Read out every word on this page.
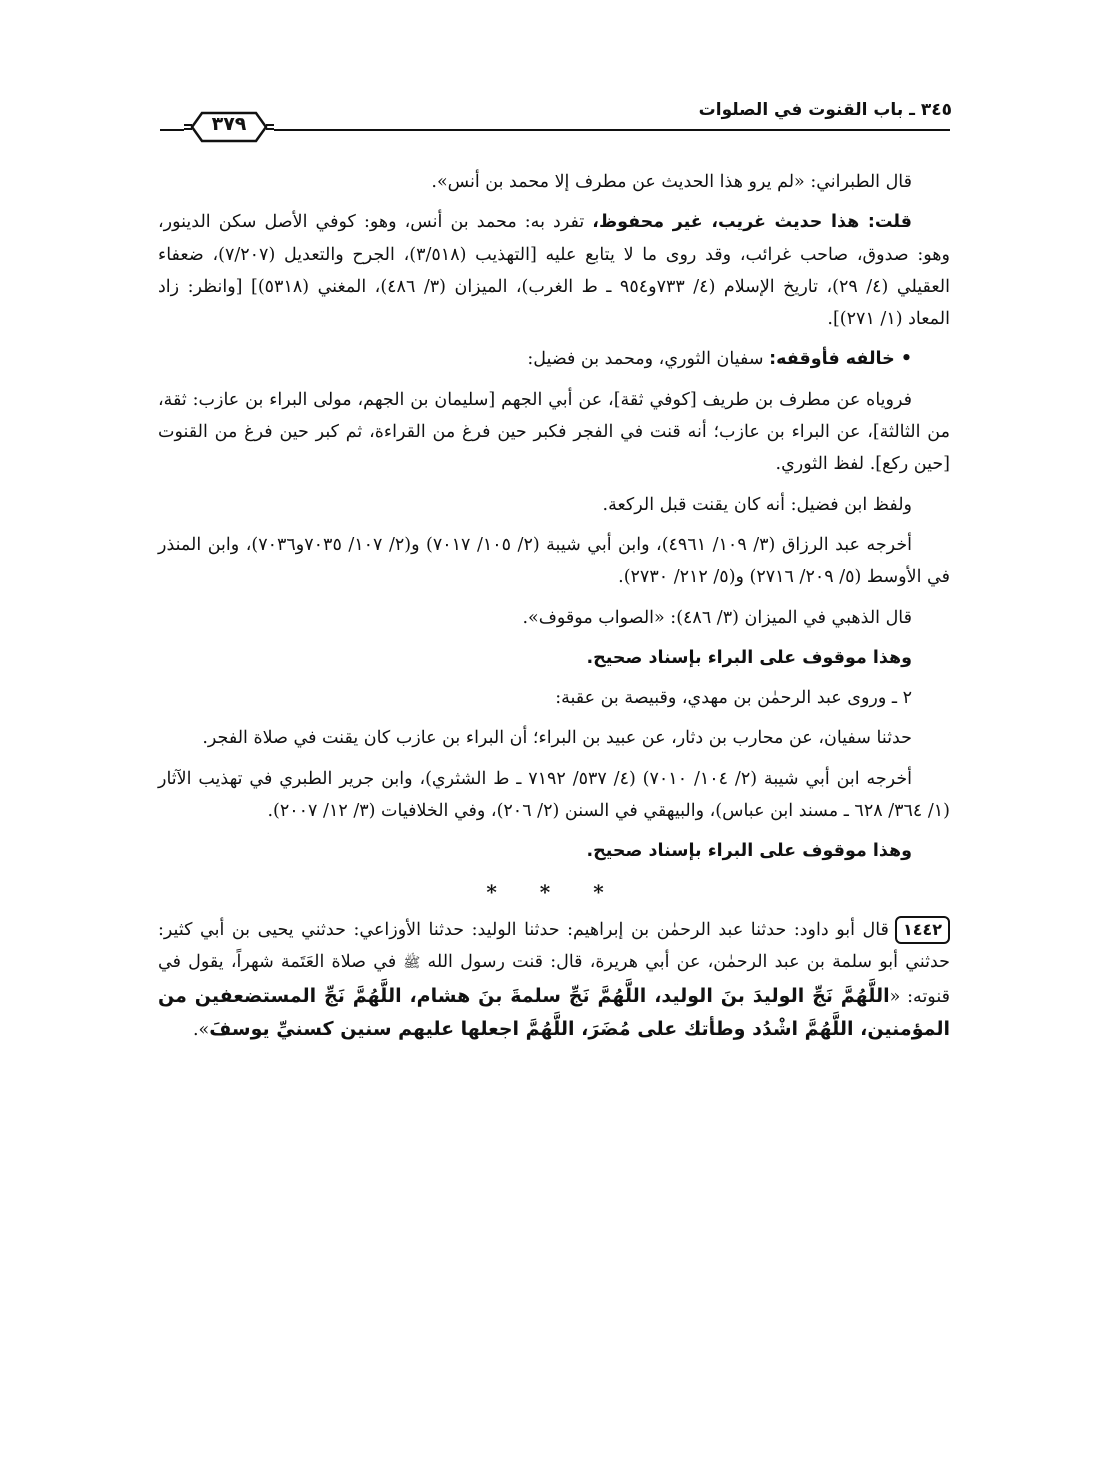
٣٤٥ ـ باب القنوت في الصلوات
٣٧٩

قال الطبراني: «لم يرو هذا الحديث عن مطرف إلا محمد بن أنس».

قلت: هذا حديث غريب، غير محفوظ، تفرد به: محمد بن أنس، وهو: كوفي الأصل سكن الدينور، وهو: صدوق، صاحب غرائب، وقد روى ما لا يتابع عليه [التهذيب (٣/٥١٨)، الجرح والتعديل (٧/٢٠٧)، ضعفاء العقيلي (٤/ ٢٩)، تاريخ الإسلام (٤/ ٧٣٣و٩٥٤ ـ ط الغرب)، الميزان (٣/ ٤٨٦)، المغني (٥٣١٨)] [وانظر: زاد المعاد (١/ ٢٧١)].

• خالفه فأوقفه: سفيان الثوري، ومحمد بن فضيل:

فروياه عن مطرف بن طريف [كوفي ثقة]، عن أبي الجهم [سليمان بن الجهم، مولى البراء بن عازب: ثقة، من الثالثة]، عن البراء بن عازب؛ أنه قنت في الفجر فكبر حين فرغ من القراءة، ثم كبر حين فرغ من القنوت [حين ركع]. لفظ الثوري.

ولفظ ابن فضيل: أنه كان يقنت قبل الركعة.

أخرجه عبد الرزاق (٣/ ١٠٩/ ٤٩٦١)، وابن أبي شيبة (٢/ ١٠٥/ ٧٠١٧) و(٢/ ١٠٧/ ٧٠٣٥و٧٠٣٦)، وابن المنذر في الأوسط (٥/ ٢٠٩/ ٢٧١٦) و(٥/ ٢١٢/ ٢٧٣٠).

قال الذهبي في الميزان (٣/ ٤٨٦): «الصواب موقوف».

وهذا موقوف على البراء بإسناد صحيح.

٢ ـ وروى عبد الرحمٰن بن مهدي، وقبيصة بن عقبة:

حدثنا سفيان، عن محارب بن دثار، عن عبيد بن البراء؛ أن البراء بن عازب كان يقنت في صلاة الفجر.

أخرجه ابن أبي شيبة (٢/ ١٠٤/ ٧٠١٠) (٤/ ٥٣٧/ ٧١٩٢ ـ ط الشثري)، وابن جرير الطبري في تهذيب الآثار (١/ ٣٦٤/ ٦٢٨ ـ مسند ابن عباس)، والبيهقي في السنن (٢/ ٢٠٦)، وفي الخلافيات (٣/ ١٢/ ٢٠٠٧).

وهذا موقوف على البراء بإسناد صحيح.

* * *

١٤٤٢قال أبو داود: حدثنا عبد الرحمٰن بن إبراهيم: حدثنا الوليد: حدثنا الأوزاعي: حدثني يحيى بن أبي كثير: حدثني أبو سلمة بن عبد الرحمٰن، عن أبي هريرة، قال: قنت رسول الله ﷺ في صلاة العَتَمة شهراً، يقول في قنوته: «اللَّهُمَّ نَجِّ الوليدَ بنَ الوليد، اللَّهُمَّ نَجِّ سلمةَ بنَ هشام، اللَّهُمَّ نَجِّ المستضعفين من المؤمنين، اللَّهُمَّ اشْدُد وطأتك على مُضَرَ، اللَّهُمَّ اجعلها عليهم سنين كسنيِّ يوسفَ».
